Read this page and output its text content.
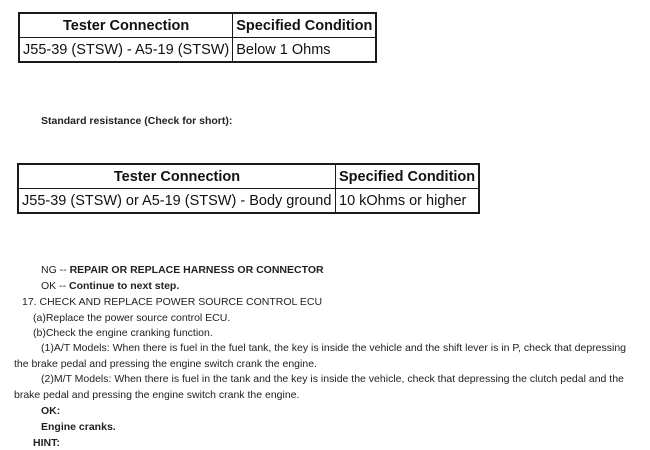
Tester Connection	Specified Condition
J55-39 (STSW) - A5-19 (STSW)	Below 1 Ohms
Standard resistance (Check for short):
Tester Connection	Specified Condition
J55-39 (STSW) or A5-19 (STSW) - Body ground	10 kOhms or higher
NG -- REPAIR OR REPLACE HARNESS OR CONNECTOR
OK -- Continue to next step.
17. CHECK AND REPLACE POWER SOURCE CONTROL ECU
(a)Replace the power source control ECU.
(b)Check the engine cranking function.
(1)A/T Models: When there is fuel in the fuel tank, the key is inside the vehicle and the shift lever is in P, check that depressing the brake pedal and pressing the engine switch crank the engine.
(2)M/T Models: When there is fuel in the tank and the key is inside the vehicle, check that depressing the clutch pedal and the brake pedal and pressing the engine switch crank the engine.
OK:
Engine cranks.
HINT:
